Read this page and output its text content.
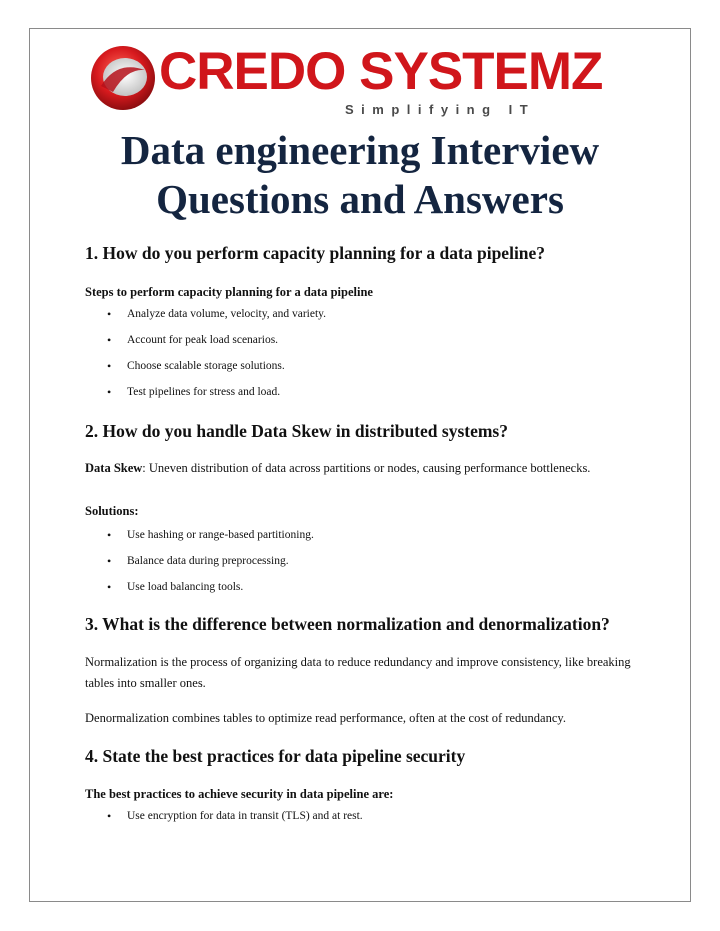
CREDO SYSTEMZ
Simplifying IT
Data engineering Interview
Questions and Answers
1. How do you perform capacity planning for a data pipeline?

Steps to perform capacity planning for a data pipeline

• Analyze data volume, velocity, and variety.
• Account for peak load scenarios.
• Choose scalable storage solutions.
• Test pipelines for stress and load.
2. How do you handle Data Skew in distributed systems?

Data Skew: Uneven distribution of data across partitions or nodes, causing performance bottlenecks.

Solutions:

• Use hashing or range-based partitioning.
• Balance data during preprocessing.
• Use load balancing tools.
3. What is the difference between normalization and denormalization?

Normalization is the process of organizing data to reduce redundancy and improve consistency, like breaking tables into smaller ones.

Denormalization combines tables to optimize read performance, often at the cost of redundancy.

4. State the best practices for data pipeline security

The best practices to achieve security in data pipeline are:

• Use encryption for data in transit (TLS) and at rest.
